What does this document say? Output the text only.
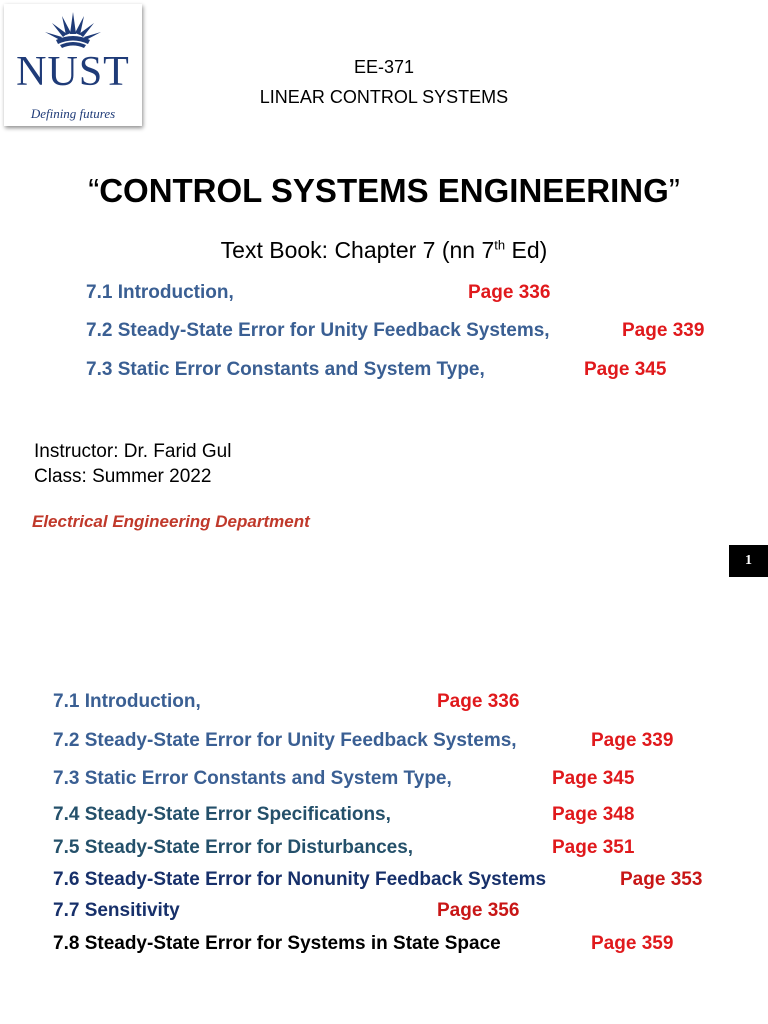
NUST
Defining futures
EE-371
LINEAR CONTROL SYSTEMS
“CONTROL SYSTEMS ENGINEERING”
Text Book: Chapter 7 (nn 7th Ed)
7.1 Introduction,	Page 336
7.2 Steady-State Error for Unity Feedback Systems,	Page 339
7.3 Static Error Constants and System Type,	Page 345
Instructor: Dr. Farid Gul
Class: Summer 2022
Electrical Engineering Department
1
7.1 Introduction,	Page 336
7.2 Steady-State Error for Unity Feedback Systems,	Page 339
7.3 Static Error Constants and System Type,	Page 345
7.4 Steady-State Error Specifications,	Page 348
7.5 Steady-State Error for Disturbances,	Page 351
7.6 Steady-State Error for Nonunity Feedback Systems	Page 353
7.7 Sensitivity	Page 356
7.8 Steady-State Error for Systems in State Space	Page 359
